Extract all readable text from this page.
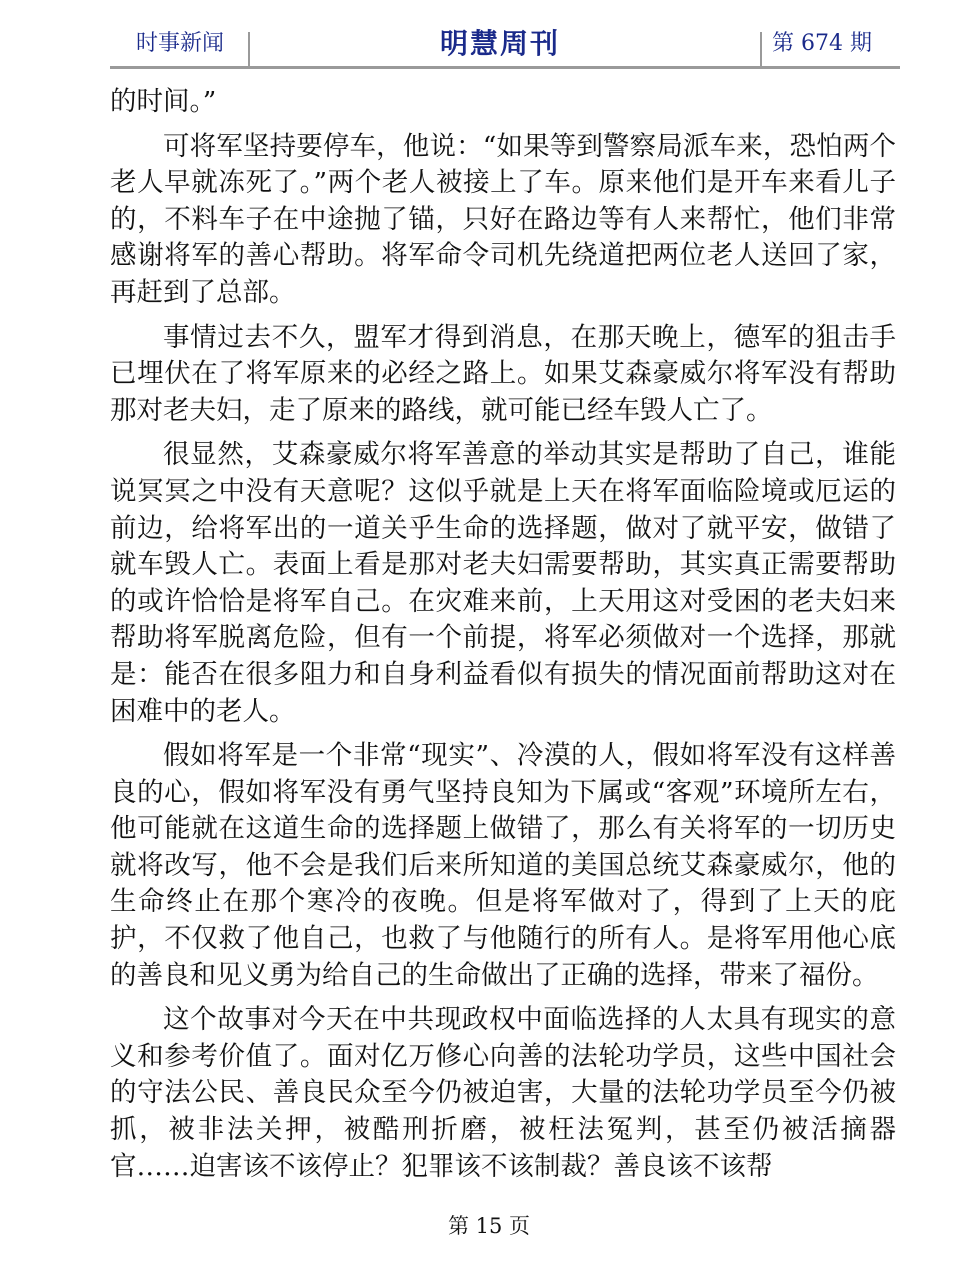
时事新闻	明慧周刊	第 674 期

的时间。”

可将军坚持要停车，他说：“如果等到警察局派车来，恐怕两个老人早就冻死了。”两个老人被接上了车。原来他们是开车来看儿子的，不料车子在中途抛了锚，只好在路边等有人来帮忙，他们非常感谢将军的善心帮助。将军命令司机先绕道把两位老人送回了家，再赶到了总部。

事情过去不久，盟军才得到消息，在那天晚上，德军的狙击手已埋伏在了将军原来的必经之路上。如果艾森豪威尔将军没有帮助那对老夫妇，走了原来的路线，就可能已经车毁人亡了。

很显然，艾森豪威尔将军善意的举动其实是帮助了自己，谁能说冥冥之中没有天意呢？这似乎就是上天在将军面临险境或厄运的前边，给将军出的一道关乎生命的选择题，做对了就平安，做错了就车毁人亡。表面上看是那对老夫妇需要帮助，其实真正需要帮助的或许恰恰是将军自己。在灾难来前，上天用这对受困的老夫妇来帮助将军脱离危险，但有一个前提，将军必须做对一个选择，那就是：能否在很多阻力和自身利益看似有损失的情况面前帮助这对在困难中的老人。

假如将军是一个非常“现实”、冷漠的人，假如将军没有这样善良的心，假如将军没有勇气坚持良知为下属或“客观”环境所左右，他可能就在这道生命的选择题上做错了，那么有关将军的一切历史就将改写，他不会是我们后来所知道的美国总统艾森豪威尔，他的生命终止在那个寒冷的夜晚。但是将军做对了，得到了上天的庇护，不仅救了他自己，也救了与他随行的所有人。是将军用他心底的善良和见义勇为给自己的生命做出了正确的选择，带来了福份。

这个故事对今天在中共现政权中面临选择的人太具有现实的意义和参考价值了。面对亿万修心向善的法轮功学员，这些中国社会的守法公民、善良民众至今仍被迫害，大量的法轮功学员至今仍被抓，被非法关押，被酷刑折磨，被枉法冤判，甚至仍被活摘器官……迫害该不该停止？犯罪该不该制裁？善良该不该帮

第 15 页
